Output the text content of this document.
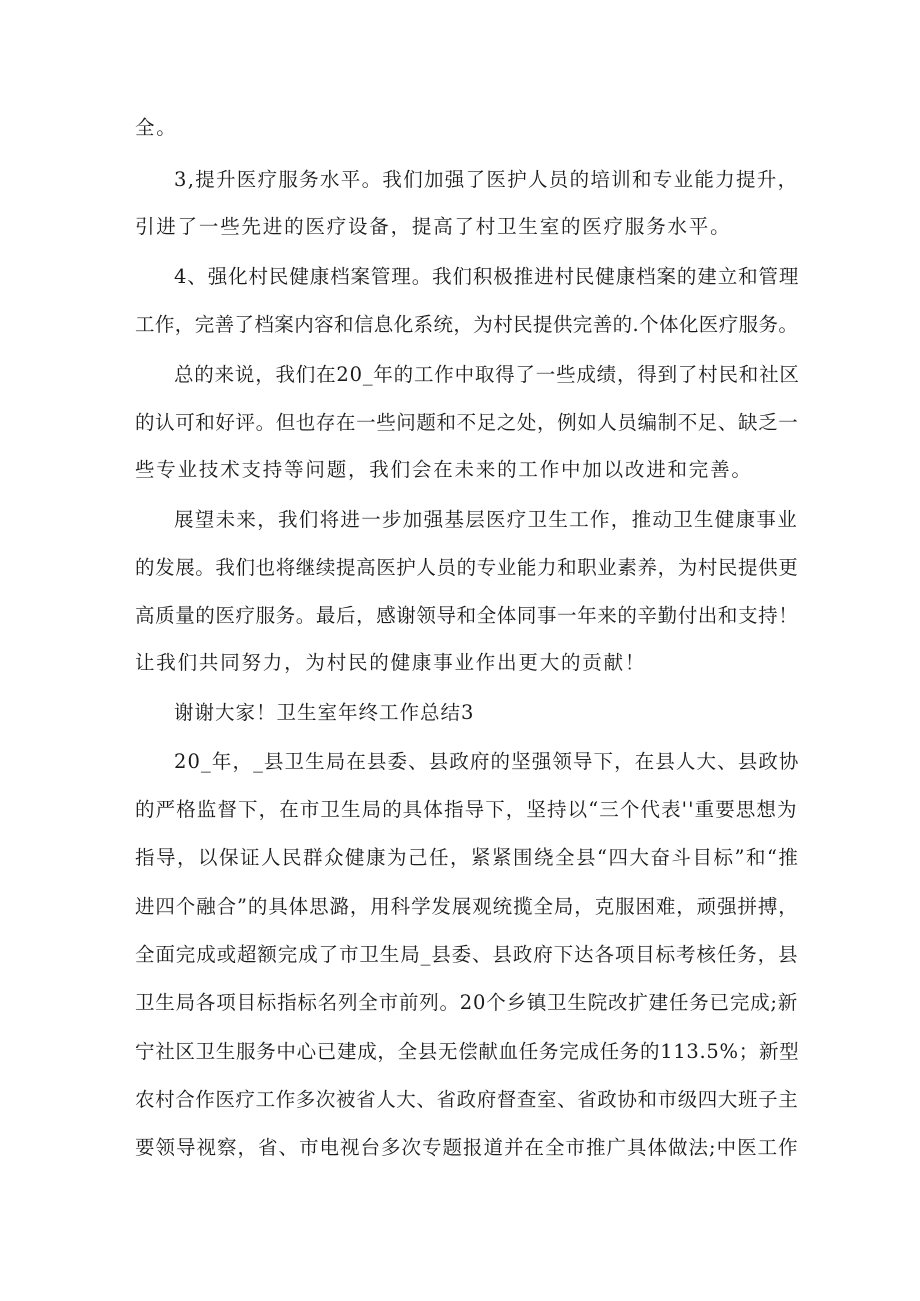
全。
3,提升医疗服务水平。我们加强了医护人员的培训和专业能力提升，
引进了一些先进的医疗设备，提高了村卫生室的医疗服务水平。
4、强化村民健康档案管理。我们积极推进村民健康档案的建立和管理
工作，完善了档案内容和信息化系统，为村民提供完善的.个体化医疗服务。
总的来说，我们在20_年的工作中取得了一些成绩，得到了村民和社区
的认可和好评。但也存在一些问题和不足之处，例如人员编制不足、缺乏一
些专业技术支持等问题，我们会在未来的工作中加以改进和完善。
展望未来，我们将进一步加强基层医疗卫生工作，推动卫生健康事业
的发展。我们也将继续提高医护人员的专业能力和职业素养，为村民提供更
高质量的医疗服务。最后，感谢领导和全体同事一年来的辛勤付出和支持！
让我们共同努力，为村民的健康事业作出更大的贡献！
谢谢大家！卫生室年终工作总结3
20_年，_县卫生局在县委、县政府的坚强领导下，在县人大、县政协
的严格监督下，在市卫生局的具体指导下，坚持以“三个代表''重要思想为
指导，以保证人民群众健康为己任，紧紧围绕全县“四大奋斗目标”和“推
进四个融合”的具体思潞，用科学发展观统揽全局，克服困难，顽强拼搏，
全面完成或超额完成了市卫生局_县委、县政府下达各项目标考核任务，县
卫生局各项目标指标名列全市前列。20个乡镇卫生院改扩建任务已完成;新
宁社区卫生服务中心已建成，全县无偿献血任务完成任务的113.5%；新型
农村合作医疗工作多次被省人大、省政府督查室、省政协和市级四大班子主
要领导视察，省、市电视台多次专题报道并在全市推广具体做法;中医工作
